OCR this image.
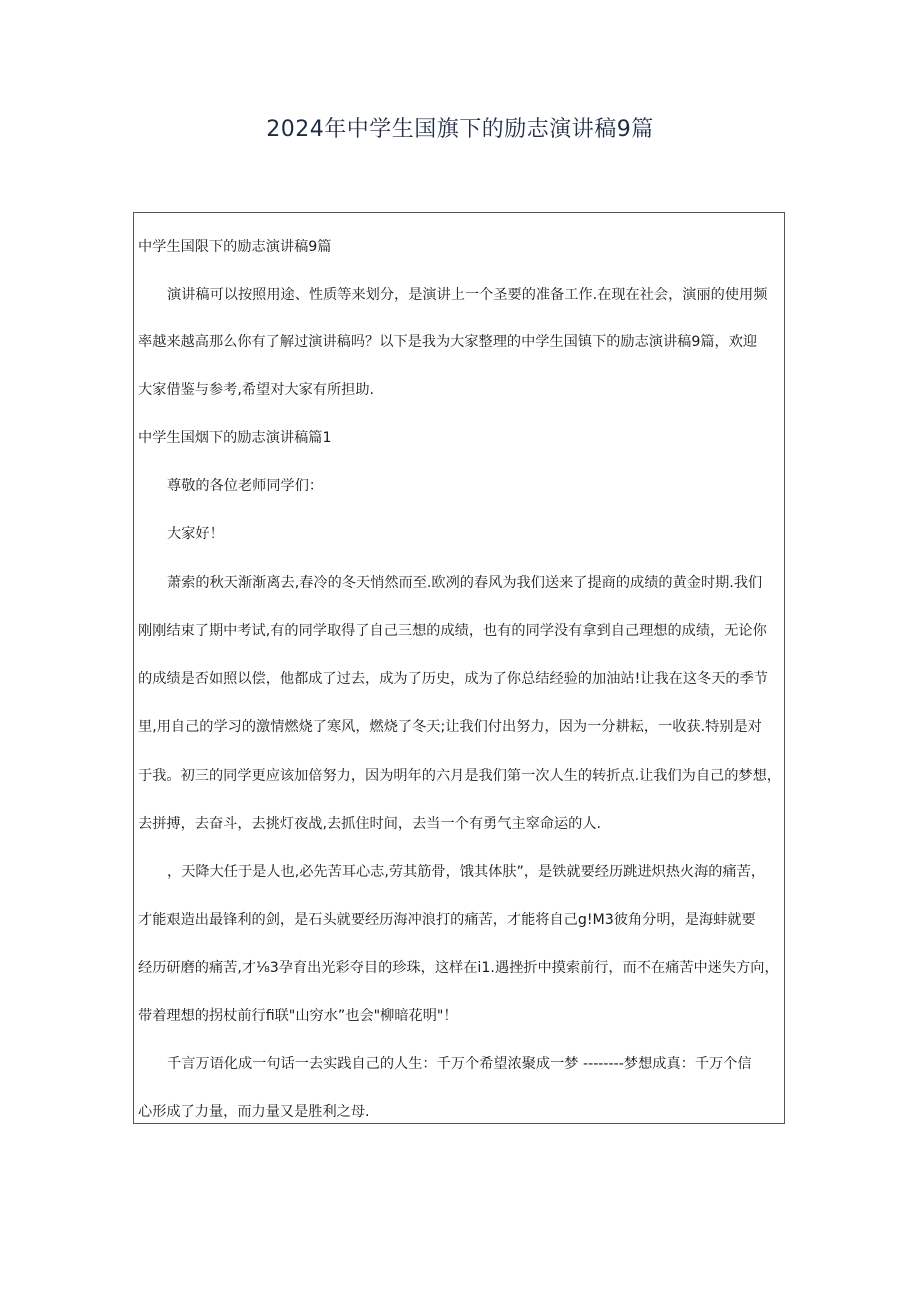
2024年中学生国旗下的励志演讲稿9篇
中学生国限下的励志演讲稿9篇
演讲稿可以按照用途、性质等来划分，是演讲上一个圣要的准备工作.在现在社会，演丽的使用频
率越来越高那么你有了解过演讲稿吗？以下是我为大家整理的中学生国镇下的励志演讲稿9篇，欢迎
大家借鉴与参考,希望对大家有所担助.
中学生国烟下的励志演讲稿篇1
尊敬的各位老师同学们：
大家好！
萧索的秋天渐渐离去,春冷的冬天悄然而至.欧冽的春风为我们送来了提商的成绩的黄金时期.我们
刚刚结束了期中考试,有的同学取得了自己三想的成绩，也有的同学没有拿到自己理想的成绩，无论你
的成绩是否如照以偿，他都成了过去，成为了历史，成为了你总结经验的加油站!让我在这冬天的季节
里,用自己的学习的激情燃烧了寒风，燃烧了冬天;让我们付出努力，因为一分耕耘，一收获.特别是对
于我。初三的同学更应该加倍努力，因为明年的六月是我们第一次人生的转折点.让我们为自己的梦想，
去拼搏，去奋斗，去挑灯夜战,去抓住时间，去当一个有勇气主窣命运的人.
，天降大任于是人也,必先苦耳心志,劳其筋骨，饿其体肤”，是铁就要经历跳进炽热火海的痛苦，
才能艰造出最锋利的剑，是石头就要经历海冲浪打的痛苦，才能将自己g!M3彼角分明，是海蚌就要
经历研磨的痛苦,才⅛3孕育出光彩夺目的珍珠，这样在i1.遇挫折中摸索前行，而不在痛苦中迷失方向，
带着理想的拐杖前行fi联"山穷水”也会"柳暗花明"！
千言万语化成一句话一去实践自己的人生：千万个希望浓聚成一梦 --------梦想成真：千万个信
心形成了力量，而力量又是胜利之母.
